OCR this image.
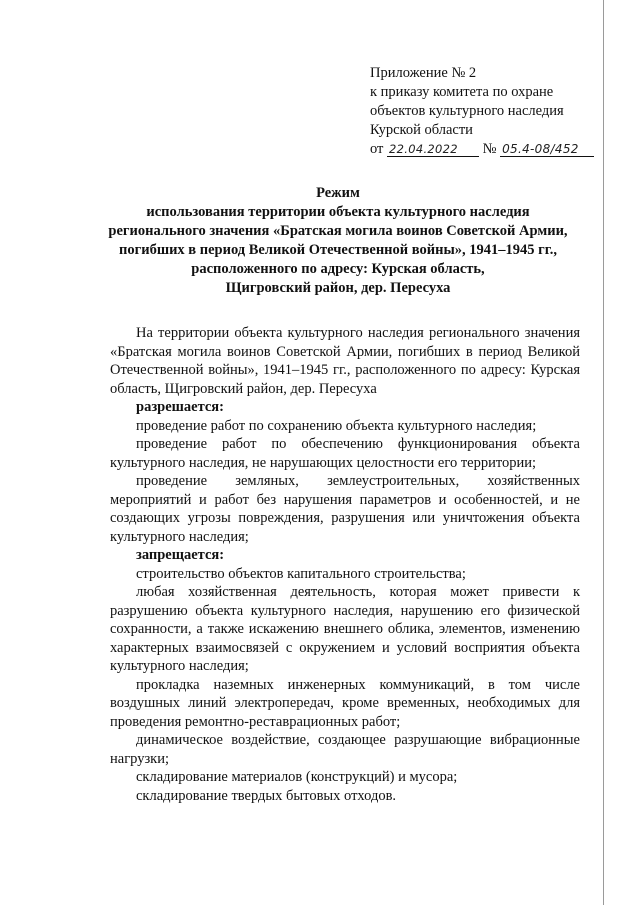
Приложение № 2
к приказу комитета по охране
объектов культурного наследия
Курской области
от 22.04.2022 № 05.4-08/452
Режим
использования территории объекта культурного наследия
регионального значения «Братская могила воинов Советской Армии,
погибших в период Великой Отечественной войны», 1941–1945 гг.,
расположенного по адресу: Курская область,
Щигровский район, дер. Пересуха

На территории объекта культурного наследия регионального значения «Братская могила воинов Советской Армии, погибших в период Великой Отечественной войны», 1941–1945 гг., расположенного по адресу: Курская область, Щигровский район, дер. Пересуха

разрешается:

проведение работ по сохранению объекта культурного наследия;

проведение работ по обеспечению функционирования объекта культурного наследия, не нарушающих целостности его территории;

проведение земляных, землеустроительных, хозяйственных мероприятий и работ без нарушения параметров и особенностей, и не создающих угрозы повреждения, разрушения или уничтожения объекта культурного наследия;

запрещается:

строительство объектов капитального строительства;

любая хозяйственная деятельность, которая может привести к разрушению объекта культурного наследия, нарушению его физической сохранности, а также искажению внешнего облика, элементов, изменению характерных взаимосвязей с окружением и условий восприятия объекта культурного наследия;

прокладка наземных инженерных коммуникаций, в том числе воздушных линий электропередач, кроме временных, необходимых для проведения ремонтно-реставрационных работ;

динамическое воздействие, создающее разрушающие вибрационные нагрузки;

складирование материалов (конструкций) и мусора;

складирование твердых бытовых отходов.
